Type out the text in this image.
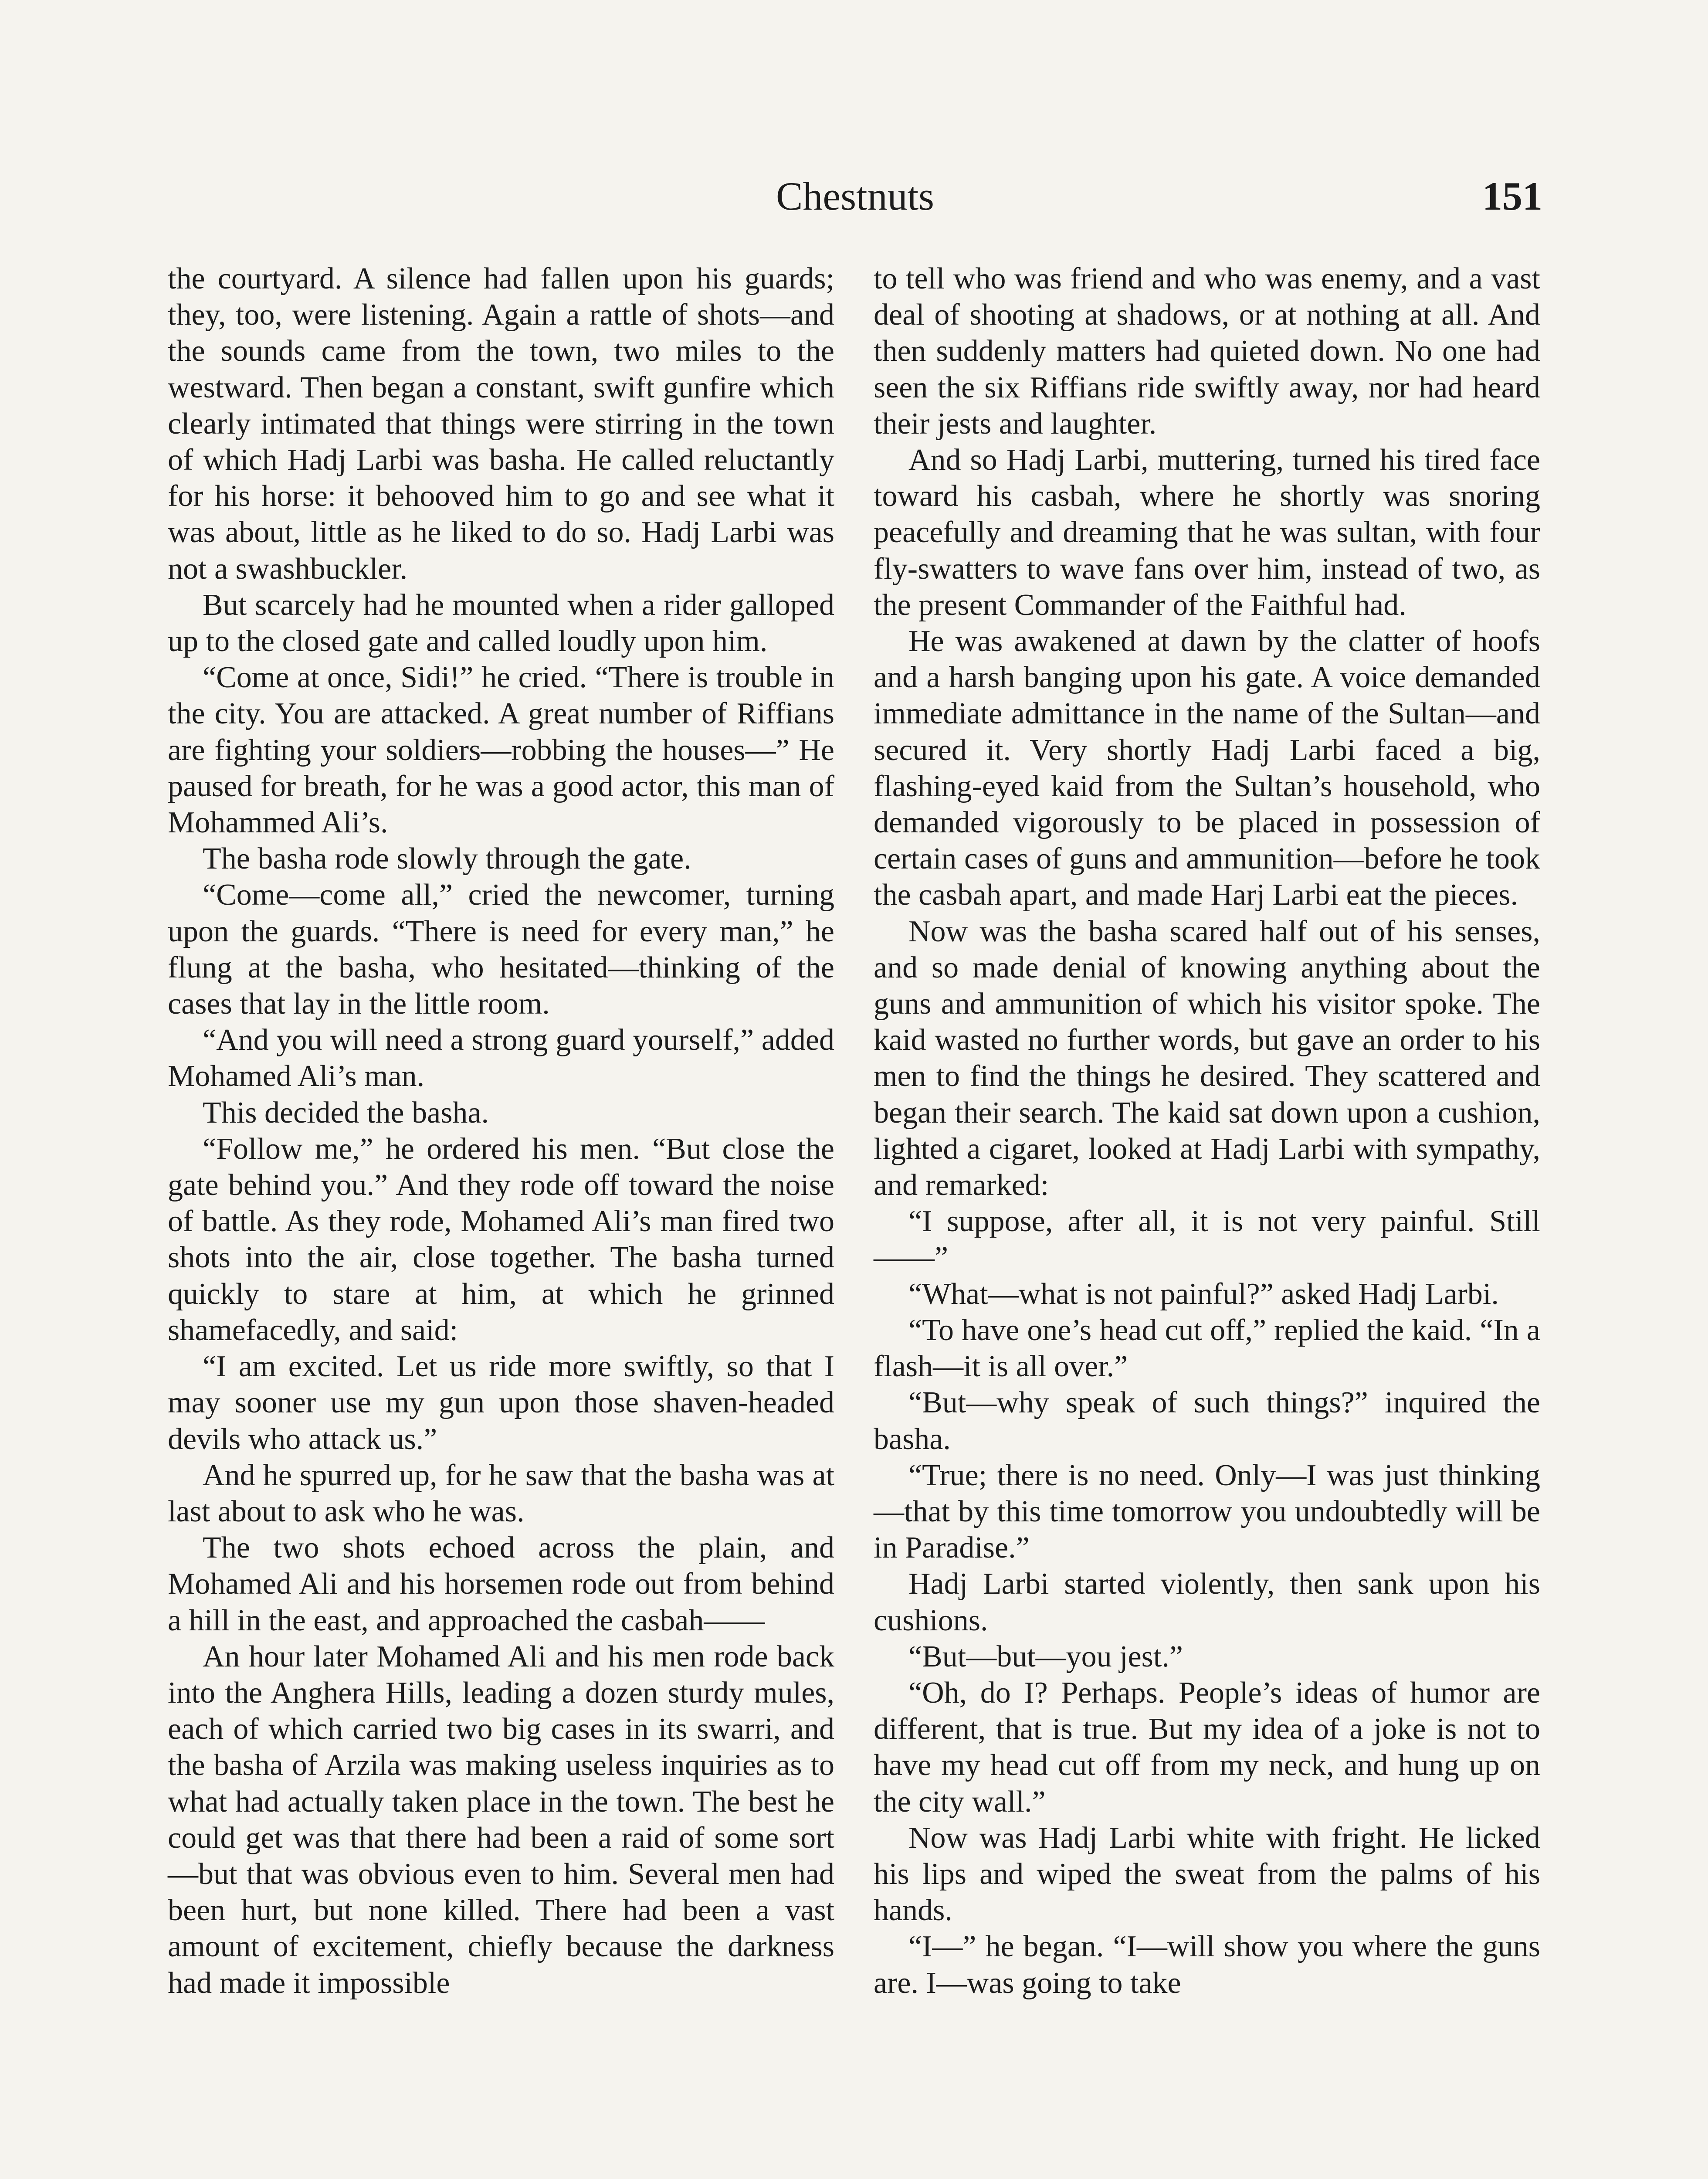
Chestnuts	151

the courtyard. A silence had fallen upon his guards; they, too, were listening. Again a rattle of shots—and the sounds came from the town, two miles to the westward. Then began a constant, swift gunfire which clearly intimated that things were stirring in the town of which Hadj Larbi was basha. He called reluctantly for his horse: it behooved him to go and see what it was about, little as he liked to do so. Hadj Larbi was not a swashbuckler.

But scarcely had he mounted when a rider galloped up to the closed gate and called loudly upon him.

“Come at once, Sidi!” he cried. “There is trouble in the city. You are attacked. A great number of Riffians are fighting your soldiers—robbing the houses—” He paused for breath, for he was a good actor, this man of Mohammed Ali’s.

The basha rode slowly through the gate.

“Come—come all,” cried the newcomer, turning upon the guards. “There is need for every man,” he flung at the basha, who hesitated—thinking of the cases that lay in the little room.

“And you will need a strong guard yourself,” added Mohamed Ali’s man.

This decided the basha.

“Follow me,” he ordered his men. “But close the gate behind you.” And they rode off toward the noise of battle. As they rode, Mohamed Ali’s man fired two shots into the air, close together. The basha turned quickly to stare at him, at which he grinned shamefacedly, and said:

“I am excited. Let us ride more swiftly, so that I may sooner use my gun upon those shaven-headed devils who attack us.”

And he spurred up, for he saw that the basha was at last about to ask who he was.

The two shots echoed across the plain, and Mohamed Ali and his horsemen rode out from behind a hill in the east, and approached the casbah——

An hour later Mohamed Ali and his men rode back into the Anghera Hills, leading a dozen sturdy mules, each of which carried two big cases in its swarri, and the basha of Arzila was making useless inquiries as to what had actually taken place in the town. The best he could get was that there had been a raid of some sort—but that was obvious even to him. Several men had been hurt, but none killed. There had been a vast amount of excitement, chiefly because the darkness had made it impossible

to tell who was friend and who was enemy, and a vast deal of shooting at shadows, or at nothing at all. And then suddenly matters had quieted down. No one had seen the six Riffians ride swiftly away, nor had heard their jests and laughter.

And so Hadj Larbi, muttering, turned his tired face toward his casbah, where he shortly was snoring peacefully and dreaming that he was sultan, with four fly-swatters to wave fans over him, instead of two, as the present Commander of the Faithful had.

He was awakened at dawn by the clatter of hoofs and a harsh banging upon his gate. A voice demanded immediate admittance in the name of the Sultan—and secured it. Very shortly Hadj Larbi faced a big, flashing-eyed kaid from the Sultan’s household, who demanded vigorously to be placed in possession of certain cases of guns and ammunition—before he took the casbah apart, and made Harj Larbi eat the pieces.

Now was the basha scared half out of his senses, and so made denial of knowing anything about the guns and ammunition of which his visitor spoke. The kaid wasted no further words, but gave an order to his men to find the things he desired. They scattered and began their search. The kaid sat down upon a cushion, lighted a cigaret, looked at Hadj Larbi with sympathy, and remarked:

“I suppose, after all, it is not very painful. Still——”

“What—what is not painful?” asked Hadj Larbi.

“To have one’s head cut off,” replied the kaid. “In a flash—it is all over.”

“But—why speak of such things?” inquired the basha.

“True; there is no need. Only—I was just thinking—that by this time tomorrow you undoubtedly will be in Paradise.”

Hadj Larbi started violently, then sank upon his cushions.

“But—but—you jest.”

“Oh, do I? Perhaps. People’s ideas of humor are different, that is true. But my idea of a joke is not to have my head cut off from my neck, and hung up on the city wall.”

Now was Hadj Larbi white with fright. He licked his lips and wiped the sweat from the palms of his hands.

“I—” he began. “I—will show you where the guns are. I—was going to take
